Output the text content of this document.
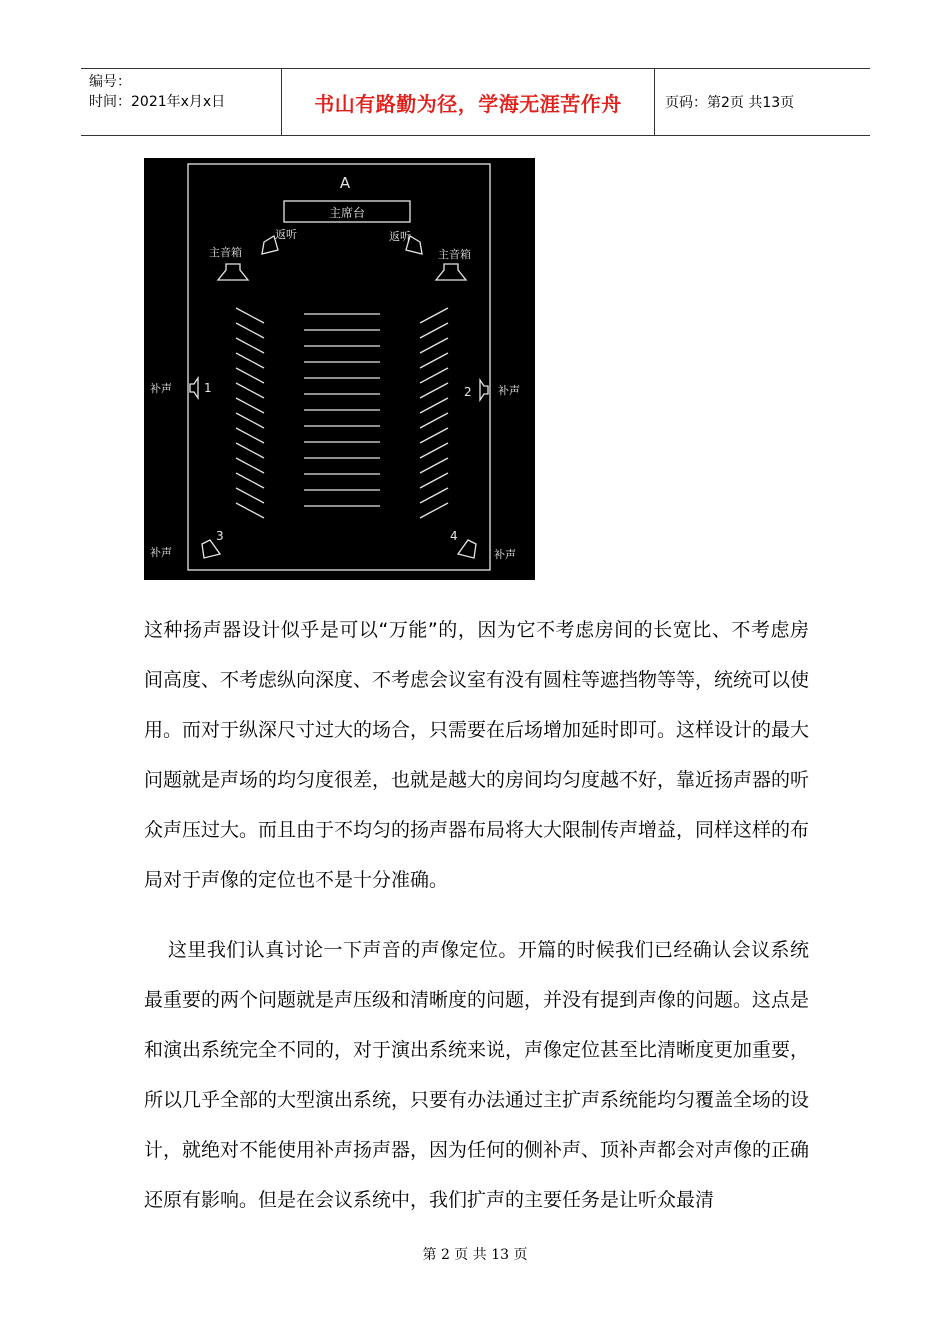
编号：
时间：2021年x月x日	书山有路勤为径，学海无涯苦作舟	页码：第2页 共13页
A
主席台
返听	返听
主音箱	主音箱
补声	1	2 补声
3
补声
4
补声

这种扬声器设计似乎是可以“万能”的，因为它不考虑房间的长宽比、不考虑房间高度、不考虑纵向深度、不考虑会议室有没有圆柱等遮挡物等等，统统可以使用。而对于纵深尺寸过大的场合，只需要在后场增加延时即可。这样设计的最大问题就是声场的均匀度很差，也就是越大的房间均匀度越不好，靠近扬声器的听众声压过大。而且由于不均匀的扬声器布局将大大限制传声增益，同样这样的布局对于声像的定位也不是十分准确。

这里我们认真讨论一下声音的声像定位。开篇的时候我们已经确认会议系统最重要的两个问题就是声压级和清晰度的问题，并没有提到声像的问题。这点是和演出系统完全不同的，对于演出系统来说，声像定位甚至比清晰度更加重要，所以几乎全部的大型演出系统，只要有办法通过主扩声系统能均匀覆盖全场的设计，就绝对不能使用补声扬声器，因为任何的侧补声、顶补声都会对声像的正确还原有影响。但是在会议系统中，我们扩声的主要任务是让听众最清

第 2 页 共 13 页
